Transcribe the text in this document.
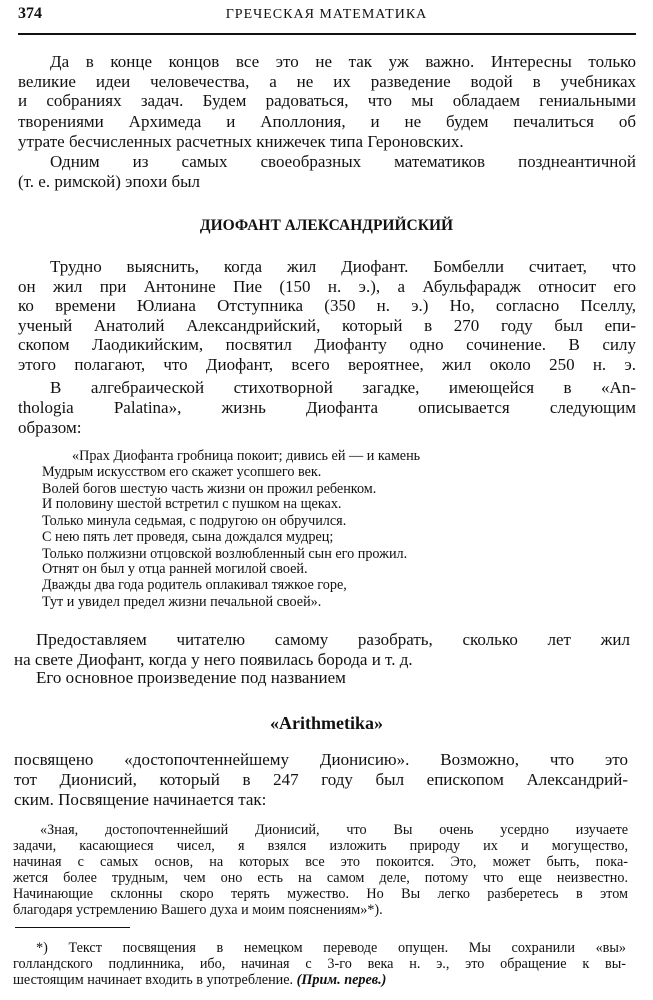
374	ГРЕЧЕСКАЯ МАТЕМАТИКА
Да в конце концов все это не так уж важно. Интересны только
великие идеи человечества, а не их разведение водой в учебниках
и собраниях задач. Будем радоваться, что мы обладаем гениальными
творениями Архимеда и Аполлония, и не будем печалиться об
утрате бесчисленных расчетных книжечек типа Героновских.
Одним из самых своеобразных математиков позднеантичной
(т. е. римской) эпохи был
ДИОФАНТ АЛЕКСАНДРИЙСКИЙ
Трудно выяснить, когда жил Диофант. Бомбелли считает, что
он жил при Антонине Пие (150 н. э.), а Абульфарадж относит его
ко времени Юлиана Отступника (350 н. э.) Но, согласно Пселлу,
ученый Анатолий Александрийский, который в 270 году был епи-
скопом Лаодикийским, посвятил Диофанту одно сочинение. В силу
этого полагают, что Диофант, всего вероятнее, жил около 250 н. э.
В алгебраической стихотворной загадке, имеющейся в «An-
thologia Palatina», жизнь Диофанта описывается следующим
образом:
«Прах Диофанта гробница покоит; дивись ей — и камень
Мудрым искусством его скажет усопшего век.
Волей богов шестую часть жизни он прожил ребенком.
И половину шестой встретил с пушком на щеках.
Только минула седьмая, с подругою он обручился.
С нею пять лет проведя, сына дождался мудрец;
Только полжизни отцовской возлюбленный сын его прожил.
Отнят он был у отца ранней могилой своей.
Дважды два года родитель оплакивал тяжкое горе,
Тут и увидел предел жизни печальной своей».
Предоставляем читателю самому разобрать, сколько лет жил
на свете Диофант, когда у него появилась борода и т. д.
Его основное произведение под названием
«Arithmetika»
посвящено «достопочтеннейшему Дионисию». Возможно, что это
тот Дионисий, который в 247 году был епископом Александрий-
ским. Посвящение начинается так:
«Зная, достопочтеннейший Дионисий, что Вы очень усердно изучаете
задачи, касающиеся чисел, я взялся изложить природу их и могущество,
начиная с самых основ, на которых все это покоится. Это, может быть, пока-
жется более трудным, чем оно есть на самом деле, потому что еще неизвестно.
Начинающие склонны скоро терять мужество. Но Вы легко разберетесь в этом
благодаря устремлению Вашего духа и моим пояснениям»*).
*) Текст посвящения в немецком переводе опущен. Мы сохранили «вы»
голландского подлинника, ибо, начиная с 3-го века н. э., это обращение к вы-
шестоящим начинает входить в употребление. (Прим. перев.)
